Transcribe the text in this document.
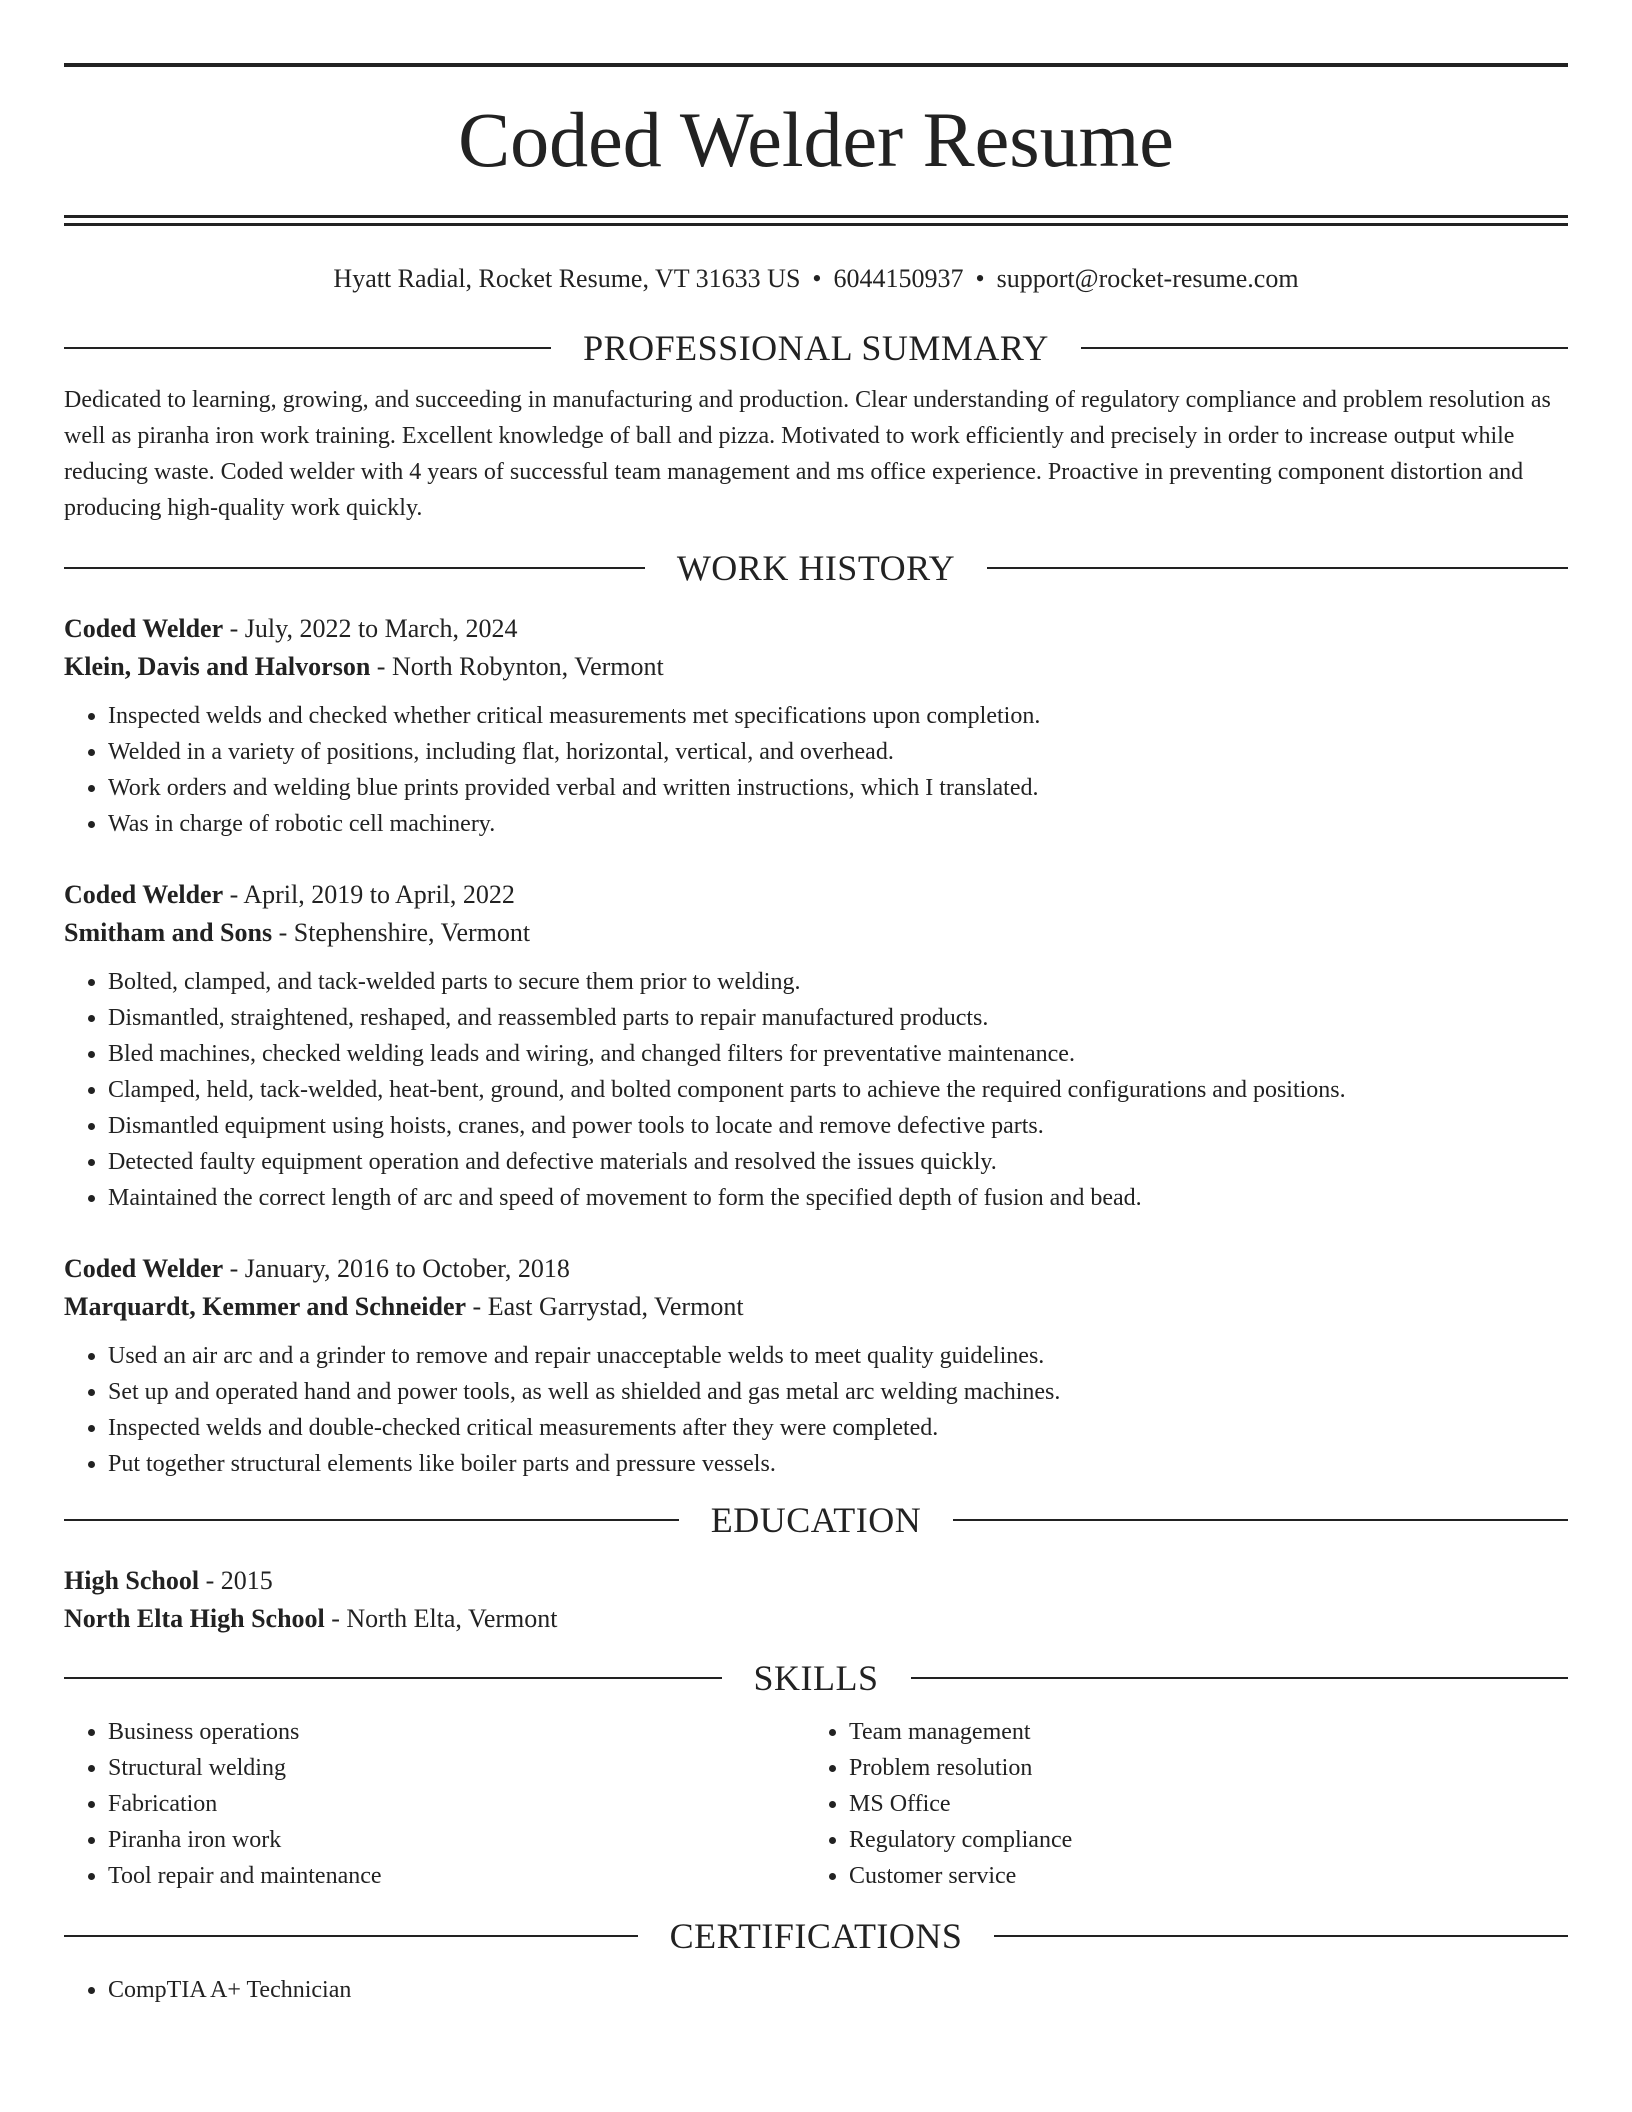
Coded Welder Resume
Hyatt Radial, Rocket Resume, VT 31633 US • 6044150937 • support@rocket-resume.com
PROFESSIONAL SUMMARY

Dedicated to learning, growing, and succeeding in manufacturing and production. Clear understanding of regulatory compliance and problem resolution as well as piranha iron work training. Excellent knowledge of ball and pizza. Motivated to work efficiently and precisely in order to increase output while reducing waste. Coded welder with 4 years of successful team management and ms office experience. Proactive in preventing component distortion and producing high-quality work quickly.

WORK HISTORY
Coded Welder - July, 2022 to March, 2024
Klein, Davis and Halvorson - North Robynton, Vermont
• Inspected welds and checked whether critical measurements met specifications upon completion.
• Welded in a variety of positions, including flat, horizontal, vertical, and overhead.
• Work orders and welding blue prints provided verbal and written instructions, which I translated.
• Was in charge of robotic cell machinery.
Coded Welder - April, 2019 to April, 2022
Smitham and Sons - Stephenshire, Vermont
• Bolted, clamped, and tack-welded parts to secure them prior to welding.
• Dismantled, straightened, reshaped, and reassembled parts to repair manufactured products.
• Bled machines, checked welding leads and wiring, and changed filters for preventative maintenance.
• Clamped, held, tack-welded, heat-bent, ground, and bolted component parts to achieve the required configurations and positions.
• Dismantled equipment using hoists, cranes, and power tools to locate and remove defective parts.
• Detected faulty equipment operation and defective materials and resolved the issues quickly.
• Maintained the correct length of arc and speed of movement to form the specified depth of fusion and bead.
Coded Welder - January, 2016 to October, 2018
Marquardt, Kemmer and Schneider - East Garrystad, Vermont
• Used an air arc and a grinder to remove and repair unacceptable welds to meet quality guidelines.
• Set up and operated hand and power tools, as well as shielded and gas metal arc welding machines.
• Inspected welds and double-checked critical measurements after they were completed.
• Put together structural elements like boiler parts and pressure vessels.
EDUCATION
High School - 2015
North Elta High School - North Elta, Vermont
SKILLS
• Business operations
• Structural welding
• Fabrication
• Piranha iron work
• Tool repair and maintenance
• Team management
• Problem resolution
• MS Office
• Regulatory compliance
• Customer service
CERTIFICATIONS
• CompTIA A+ Technician
